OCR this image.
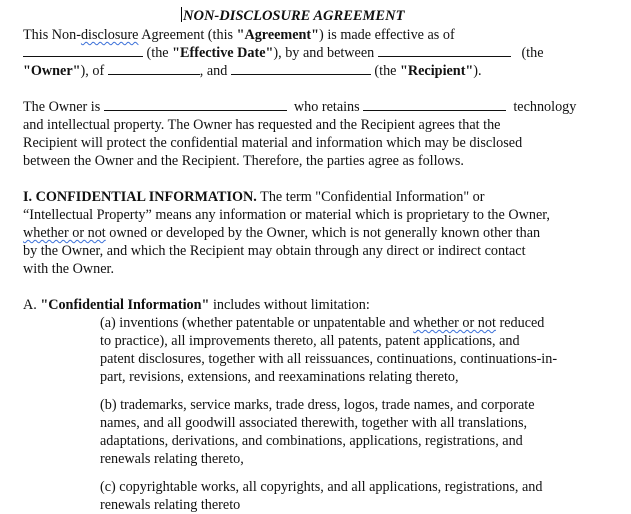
NON-DISCLOSURE AGREEMENT
This Non-disclosure Agreement (this "Agreement") is made effective as of
(the "Effective Date"), by and between	(the
"Owner"), of	, and	(the "Recipient").
The Owner is	who retains	technology
and intellectual property. The Owner has requested and the Recipient agrees that the
Recipient will protect the confidential material and information which may be disclosed
between the Owner and the Recipient. Therefore, the parties agree as follows.
I. CONFIDENTIAL INFORMATION. The term "Confidential Information" or
“Intellectual Property” means any information or material which is proprietary to the Owner,
whether or not owned or developed by the Owner, which is not generally known other than
by the Owner, and which the Recipient may obtain through any direct or indirect contact
with the Owner.
A. "Confidential Information" includes without limitation:
(a) inventions (whether patentable or unpatentable and whether or not reduced
to practice), all improvements thereto, all patents, patent applications, and
patent disclosures, together with all reissuances, continuations, continuations-in-
part, revisions, extensions, and reexaminations relating thereto,
(b) trademarks, service marks, trade dress, logos, trade names, and corporate
names, and all goodwill associated therewith, together with all translations,
adaptations, derivations, and combinations, applications, registrations, and
renewals relating thereto,
(c) copyrightable works, all copyrights, and all applications, registrations, and
renewals relating thereto
